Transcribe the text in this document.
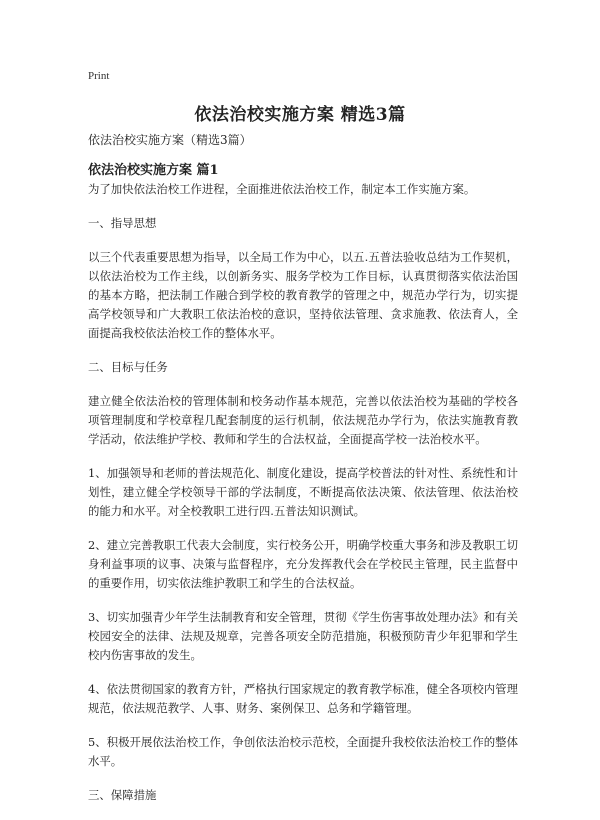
Print
依法治校实施方案 精选3篇
依法治校实施方案（精选3篇）
依法治校实施方案 篇1

为了加快依法治校工作进程，全面推进依法治校工作，制定本工作实施方案。

一、指导思想

以三个代表重要思想为指导，以全局工作为中心，以五.五普法验收总结为工作契机，以依法治校为工作主线，以创新务实、服务学校为工作目标，认真贯彻落实依法治国的基本方略，把法制工作融合到学校的教育教学的管理之中，规范办学行为，切实提高学校领导和广大教职工依法治校的意识，坚持依法管理、贪求施教、依法育人，全面提高我校依法治校工作的整体水平。

二、目标与任务

建立健全依法治校的管理体制和校务动作基本规范，完善以依法治校为基础的学校各项管理制度和学校章程几配套制度的运行机制，依法规范办学行为，依法实施教育教学活动，依法维护学校、教师和学生的合法权益，全面提高学校一法治校水平。

1、加强领导和老师的普法规范化、制度化建设，提高学校普法的针对性、系统性和计划性，建立健全学校领导干部的学法制度，不断提高依法决策、依法管理、依法治校的能力和水平。对全校教职工进行四.五普法知识测试。

2、建立完善教职工代表大会制度，实行校务公开，明确学校重大事务和涉及教职工切身利益事项的议事、决策与监督程序，充分发挥教代会在学校民主管理，民主监督中的重要作用，切实依法维护教职工和学生的合法权益。

3、切实加强青少年学生法制教育和安全管理，贯彻《学生伤害事故处理办法》和有关校园安全的法律、法规及规章，完善各项安全防范措施，积极预防青少年犯罪和学生校内伤害事故的发生。

4、依法贯彻国家的教育方针，严格执行国家规定的教育教学标准，健全各项校内管理规范，依法规范教学、人事、财务、案例保卫、总务和学籍管理。

5、积极开展依法治校工作，争创依法治校示范校，全面提升我校依法治校工作的整体水平。

三、保障措施
